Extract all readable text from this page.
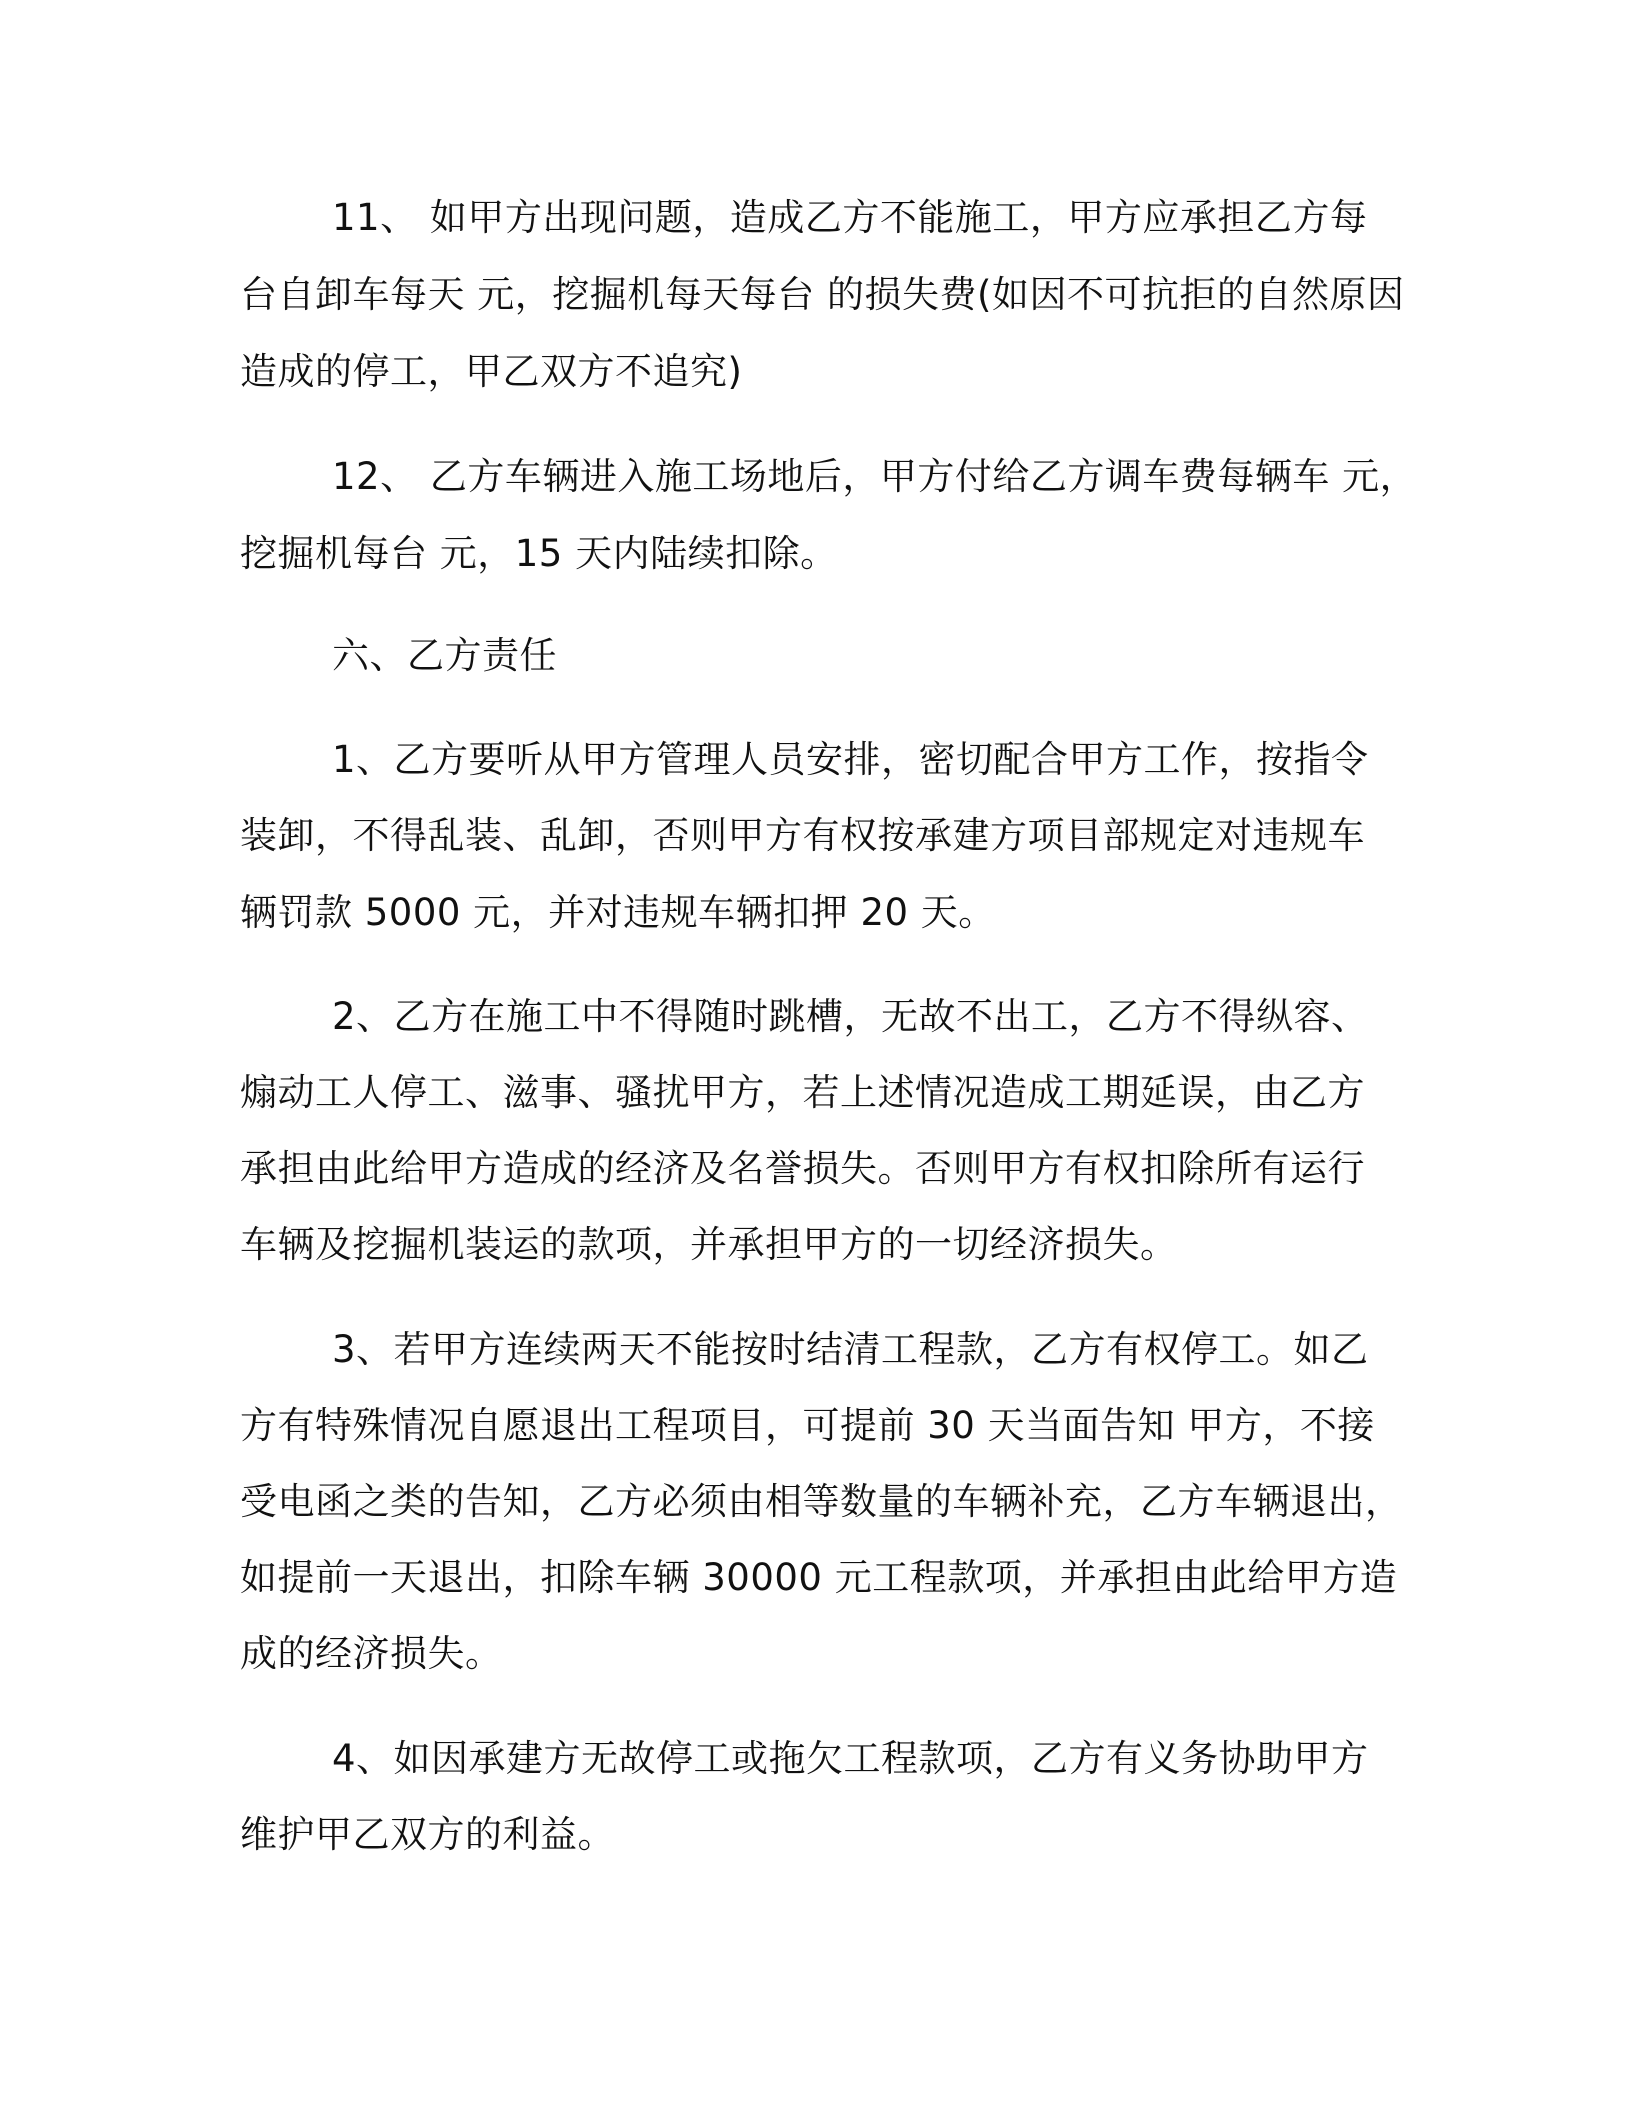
11、 如甲方出现问题，造成乙方不能施工，甲方应承担乙方每
台自卸车每天 元，挖掘机每天每台 的损失费(如因不可抗拒的自然原因
造成的停工，甲乙双方不追究)
12、 乙方车辆进入施工场地后，甲方付给乙方调车费每辆车 元，
挖掘机每台 元，15 天内陆续扣除。
六、乙方责任
1、乙方要听从甲方管理人员安排，密切配合甲方工作，按指令
装卸，不得乱装、乱卸，否则甲方有权按承建方项目部规定对违规车
辆罚款 5000 元，并对违规车辆扣押 20 天。
2、乙方在施工中不得随时跳槽，无故不出工，乙方不得纵容、
煽动工人停工、滋事、骚扰甲方，若上述情况造成工期延误，由乙方
承担由此给甲方造成的经济及名誉损失。否则甲方有权扣除所有运行
车辆及挖掘机装运的款项，并承担甲方的一切经济损失。
3、若甲方连续两天不能按时结清工程款，乙方有权停工。如乙
方有特殊情况自愿退出工程项目，可提前 30 天当面告知 甲方，不接
受电函之类的告知，乙方必须由相等数量的车辆补充，乙方车辆退出，
如提前一天退出，扣除车辆 30000 元工程款项，并承担由此给甲方造
成的经济损失。
4、如因承建方无故停工或拖欠工程款项，乙方有义务协助甲方
维护甲乙双方的利益。
